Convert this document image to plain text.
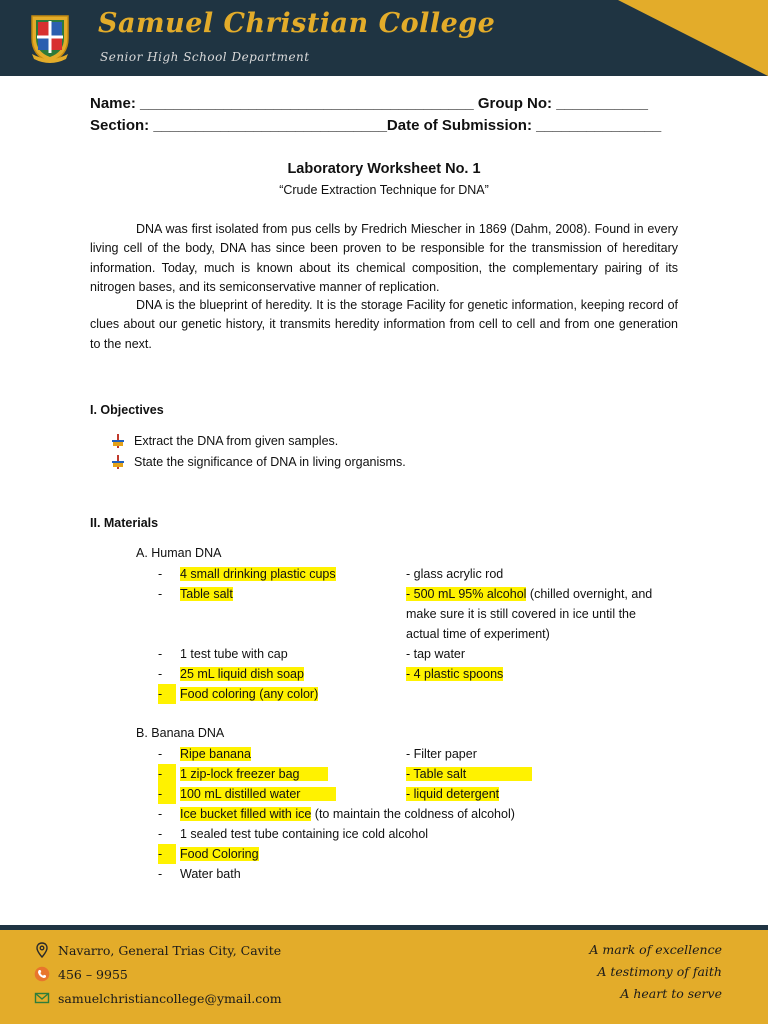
Samuel Christian College
Senior High School Department
Name: ________________________________________ Group No: ___________
Section: ____________________________Date of Submission: _______________
Laboratory Worksheet No. 1
“Crude Extraction Technique for DNA”
DNA was first isolated from pus cells by Fredrich Miescher in 1869 (Dahm, 2008). Found in every living cell of the body, DNA has since been proven to be responsible for the transmission of hereditary information. Today, much is known about its chemical composition, the complementary pairing of its nitrogen bases, and its semiconservative manner of replication.
DNA is the blueprint of heredity. It is the storage Facility for genetic information, keeping record of clues about our genetic history, it transmits heredity information from cell to cell and from one generation to the next.
I. Objectives
Extract the DNA from given samples.
State the significance of DNA in living organisms.
II. Materials
A. Human DNA
- 4 small drinking plastic cups	- glass acrylic rod
- Table salt	- 500 mL 95% alcohol (chilled overnight, and
make sure it is still covered in ice until the
actual time of experiment)
- 1 test tube with cap	- tap water
- 25 mL liquid dish soap	- 4 plastic spoons
-	Food coloring (any color)
B. Banana DNA
- Ripe banana	- Filter paper
-	1 zip-lock freezer bag	- Table salt
-	100 mL distilled water	- liquid detergent
- Ice bucket filled with ice (to maintain the coldness of alcohol)
- 1 sealed test tube containing ice cold alcohol
-	Food Coloring
- Water bath
Navarro, General Trias City, Cavite
456 – 9955
samuelchristiancollege@ymail.com
A mark of excellence
A testimony of faith
A heart to serve
